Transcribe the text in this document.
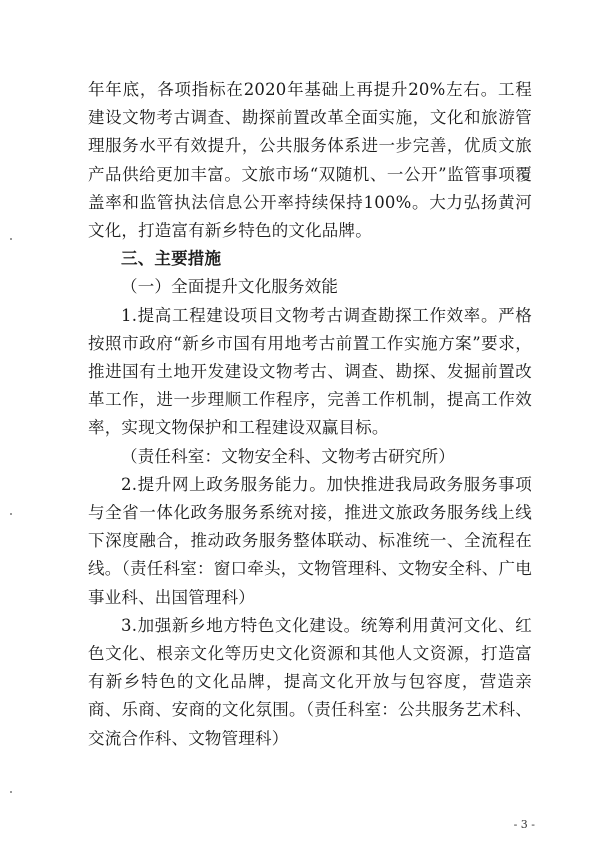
年年底，各项指标在2020年基础上再提升20%左右。工程建设文物考古调查、勘探前置改革全面实施，文化和旅游管理服务水平有效提升，公共服务体系进一步完善，优质文旅产品供给更加丰富。文旅市场“双随机、一公开”监管事项覆盖率和监管执法信息公开率持续保持100%。大力弘扬黄河文化，打造富有新乡特色的文化品牌。

三、主要措施

（一）全面提升文化服务效能

1.提高工程建设项目文物考古调查勘探工作效率。严格按照市政府“新乡市国有用地考古前置工作实施方案”要求，推进国有土地开发建设文物考古、调查、勘探、发掘前置改革工作，进一步理顺工作程序，完善工作机制，提高工作效率，实现文物保护和工程建设双赢目标。

（责任科室：文物安全科、文物考古研究所）

2.提升网上政务服务能力。加快推进我局政务服务事项与全省一体化政务服务系统对接，推进文旅政务服务线上线下深度融合，推动政务服务整体联动、标准统一、全流程在线。（责任科室：窗口牵头，文物管理科、文物安全科、广电事业科、出国管理科）

3.加强新乡地方特色文化建设。统筹利用黄河文化、红色文化、根亲文化等历史文化资源和其他人文资源，打造富有新乡特色的文化品牌，提高文化开放与包容度，营造亲商、乐商、安商的文化氛围。（责任科室：公共服务艺术科、交流合作科、文物管理科）

- 3 -
